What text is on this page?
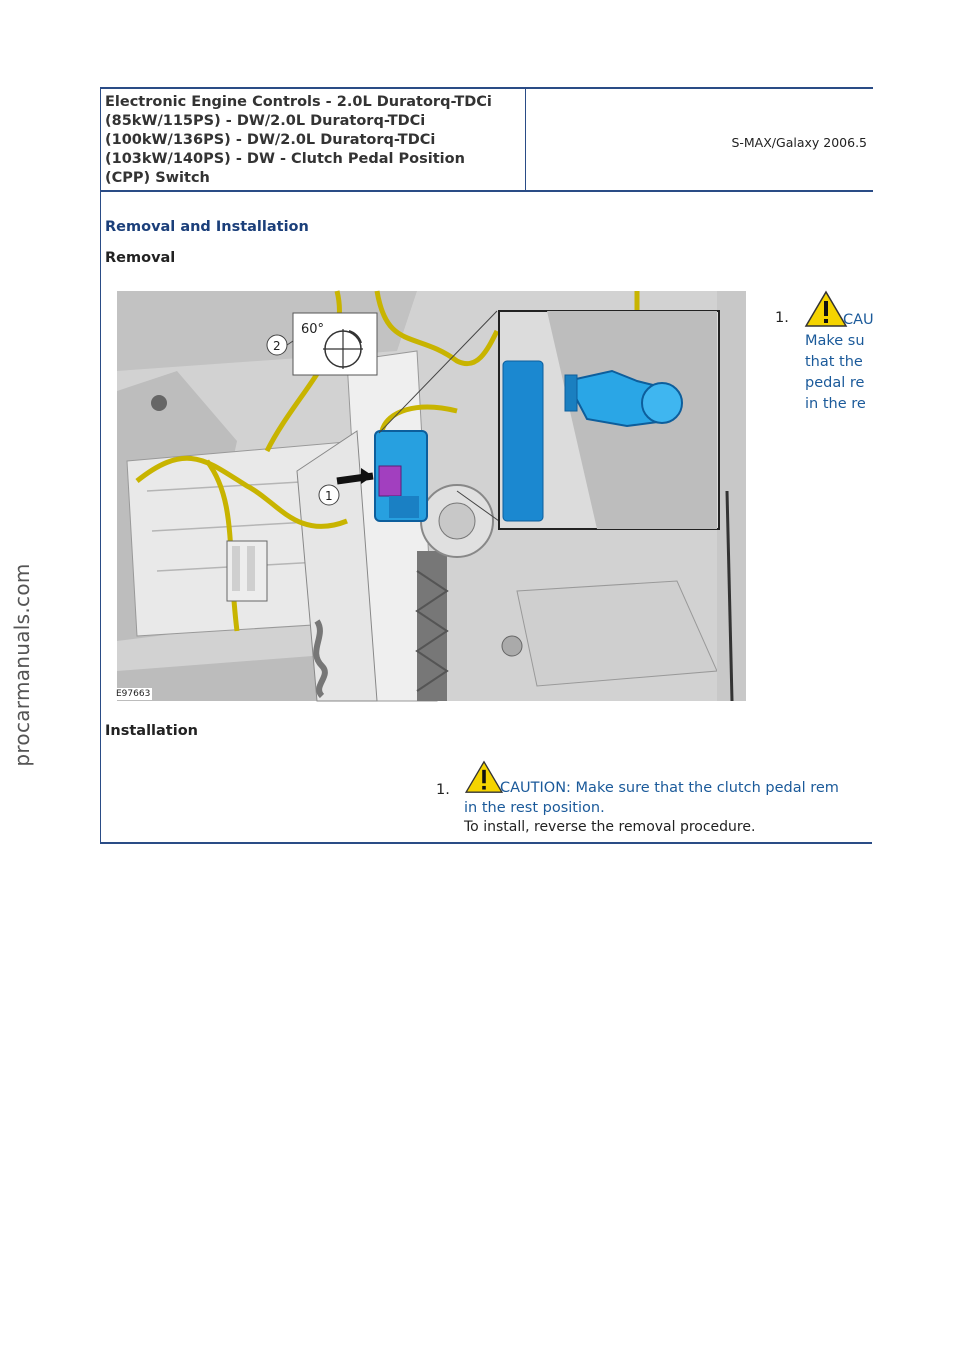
procarmanuals.com
Electronic Engine Controls - 2.0L Duratorq-TDCi
(85kW/115PS) - DW/2.0L Duratorq-TDCi
(100kW/136PS) - DW/2.0L Duratorq-TDCi
(103kW/140PS) - DW - Clutch Pedal Position
(CPP) Switch
S-MAX/Galaxy 2006.5
Removal and Installation
Removal
60°
2
1
E97663
1.	CAU
Make su
that the
pedal re
in the re
Installation
1.	CAUTION: Make sure that the clutch pedal rem
in the rest position.
To install, reverse the removal procedure.
